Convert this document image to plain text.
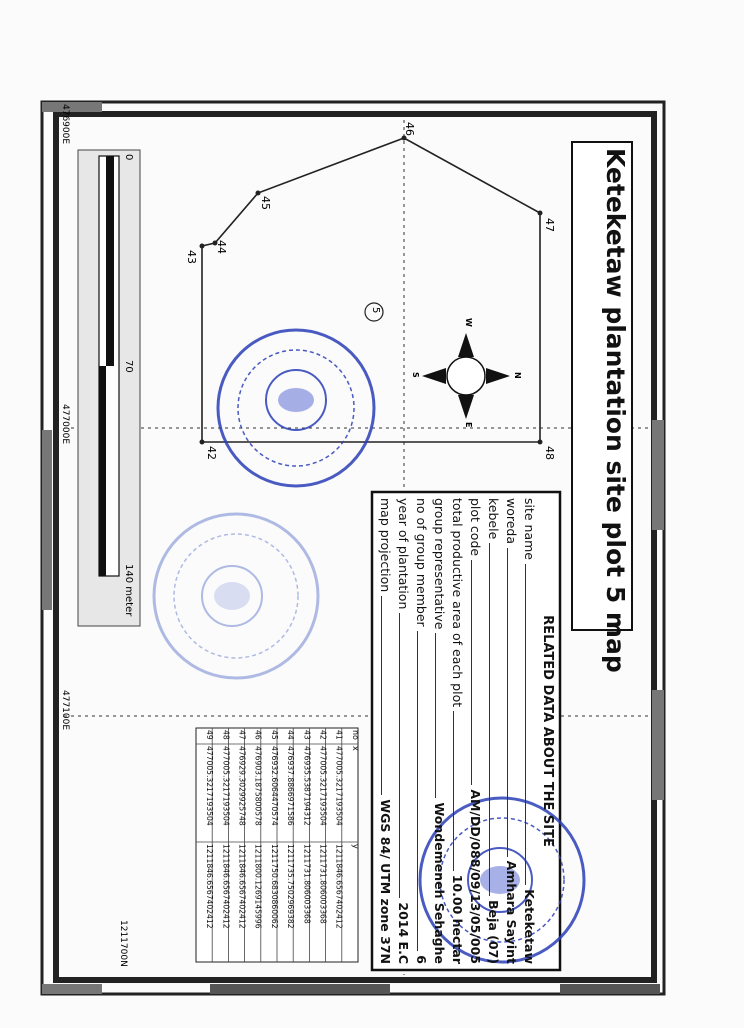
no
x
y
41
477005.3217193504
1211846.6567402412
42
477005.3217193504
1211731.806003368
43
476935.5387194312
1211731.806003368
44
476937.8866971586
1211735.7502969382
45
476932.6064470574
1211750.6830860062
46
476903.1875800578
1211800.1269145996
47
476929.3029925748
1211846.6567402412
48
477005.3217193504
1211846.6567402412
49
477005.3217193504
1211846.6567402412
Keteketaw plantation site plot 5 map
RELATED DATA ABOUT THE SITE
site name
Keteketaw
woreda
Amhara Sayint
kebele
Beja (07)
plot code
AM/DD/088/09/13/05/005
total productive area of each plot
10.00 hectar
group representative
Wondemeneh Sehaghe
no of group member
6
year of plantation
2014 E.C
map projection
WGS 84/ UTM zone 37N
42
43
44
45
46
47
48
5
W
E
N
S
0
70
140 meter
476900E
477000E
477100E
1211700N
